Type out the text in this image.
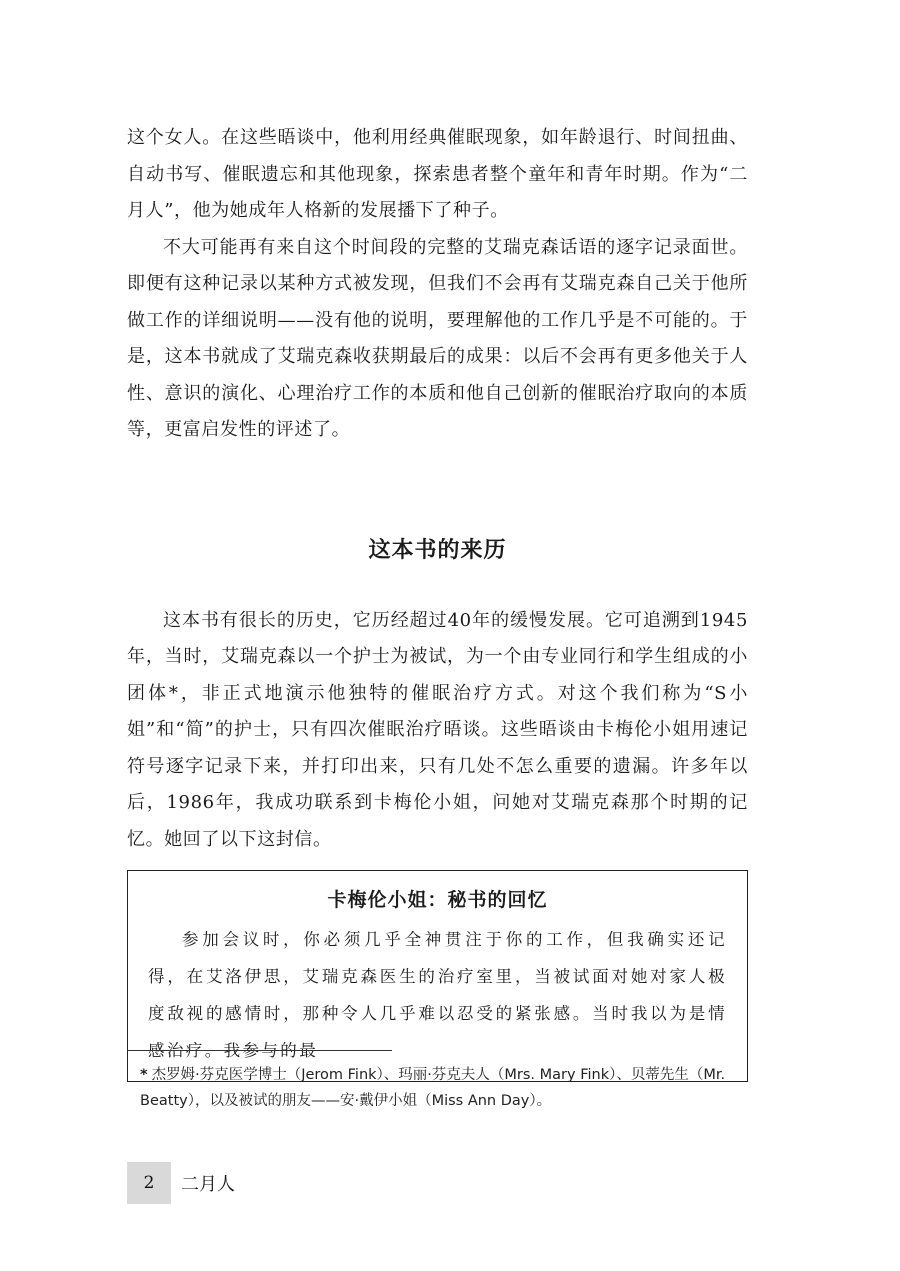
这个女人。在这些晤谈中，他利用经典催眠现象，如年龄退行、时间扭曲、自动书写、催眠遗忘和其他现象，探索患者整个童年和青年时期。作为“二月人”，他为她成年人格新的发展播下了种子。

不大可能再有来自这个时间段的完整的艾瑞克森话语的逐字记录面世。即便有这种记录以某种方式被发现，但我们不会再有艾瑞克森自己关于他所做工作的详细说明——没有他的说明，要理解他的工作几乎是不可能的。于是，这本书就成了艾瑞克森收获期最后的成果：以后不会再有更多他关于人性、意识的演化、心理治疗工作的本质和他自己创新的催眠治疗取向的本质等，更富启发性的评述了。

这本书的来历

这本书有很长的历史，它历经超过40年的缓慢发展。它可追溯到1945年，当时，艾瑞克森以一个护士为被试，为一个由专业同行和学生组成的小团体*，非正式地演示他独特的催眠治疗方式。对这个我们称为“S小姐”和“简”的护士，只有四次催眠治疗晤谈。这些晤谈由卡梅伦小姐用速记符号逐字记录下来，并打印出来，只有几处不怎么重要的遗漏。许多年以后，1986年，我成功联系到卡梅伦小姐，问她对艾瑞克森那个时期的记忆。她回了以下这封信。

卡梅伦小姐：秘书的回忆

参加会议时，你必须几乎全神贯注于你的工作，但我确实还记得，在艾洛伊思，艾瑞克森医生的治疗室里，当被试面对她对家人极度敌视的感情时，那种令人几乎难以忍受的紧张感。当时我以为是情感治疗。我参与的最

* 杰罗姆·芬克医学博士（Jerom Fink）、玛丽·芬克夫人（Mrs. Mary Fink）、贝蒂先生（Mr. Beatty），以及被试的朋友——安·戴伊小姐（Miss Ann Day）。
2	二月人
